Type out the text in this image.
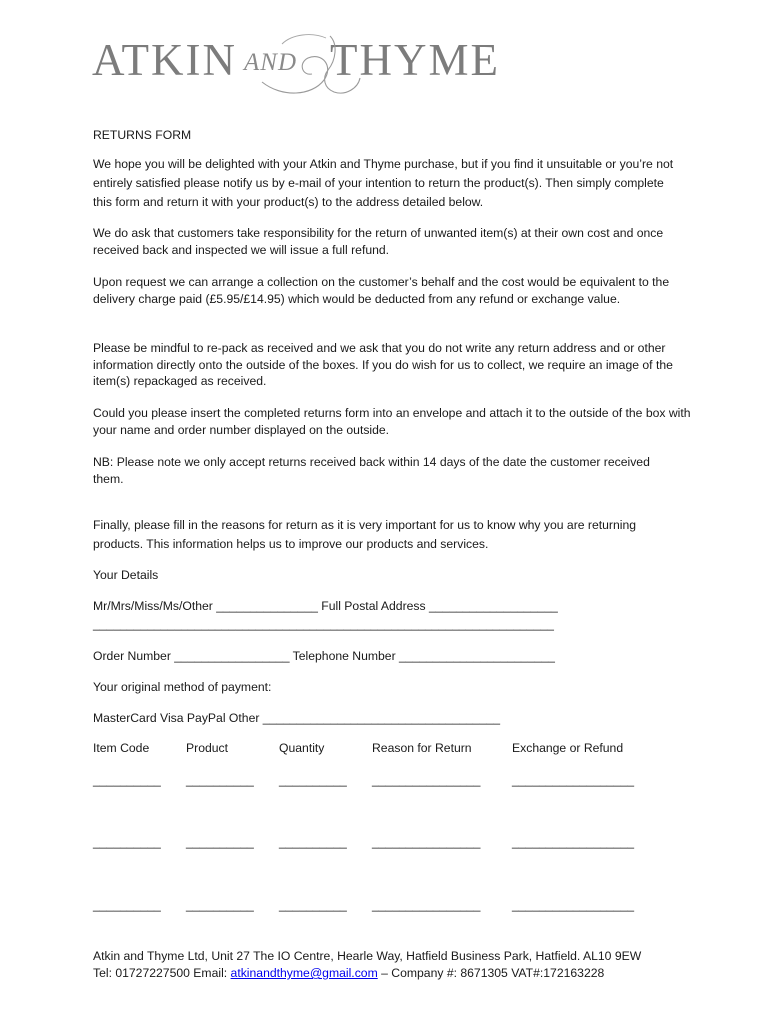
ATKIN AND THYME

RETURNS FORM

We hope you will be delighted with your Atkin and Thyme purchase, but if you find it unsuitable or you’re not entirely satisfied please notify us by e-mail of your intention to return the product(s). Then simply complete this form and return it with your product(s) to the address detailed below.

We do ask that customers take responsibility for the return of unwanted item(s) at their own cost and once received back and inspected we will issue a full refund.

Upon request we can arrange a collection on the customer’s behalf and the cost would be equivalent to the delivery charge paid (£5.95/£14.95) which would be deducted from any refund or exchange value.

Please be mindful to re-pack as received and we ask that you do not write any return address and or other information directly onto the outside of the boxes. If you do wish for us to collect, we require an image of the item(s) repackaged as received.

Could you please insert the completed returns form into an envelope and attach it to the outside of the box with your name and order number displayed on the outside.

NB: Please note we only accept returns received back within 14 days of the date the customer received them.

Finally, please fill in the reasons for return as it is very important for us to know why you are returning products. This information helps us to improve our products and services.

Your Details

Mr/Mrs/Miss/Ms/Other _______________ Full Postal Address ___________________

____________________________________________________________________

Order Number _________________ Telephone Number _______________________

Your original method of payment:

MasterCard Visa PayPal Other ___________________________________

Item Code	Product	Quantity	Reason for Return	Exchange or Refund
__________ __________ __________ ________________	__________________
__________ __________ __________ ________________	__________________
__________ __________ __________ ________________	__________________
Atkin and Thyme Ltd, Unit 27 The IO Centre, Hearle Way, Hatfield Business Park, Hatfield. AL10 9EW
Tel: 01727227500 Email: atkinandthyme@gmail.com – Company #: 8671305 VAT#:172163228
